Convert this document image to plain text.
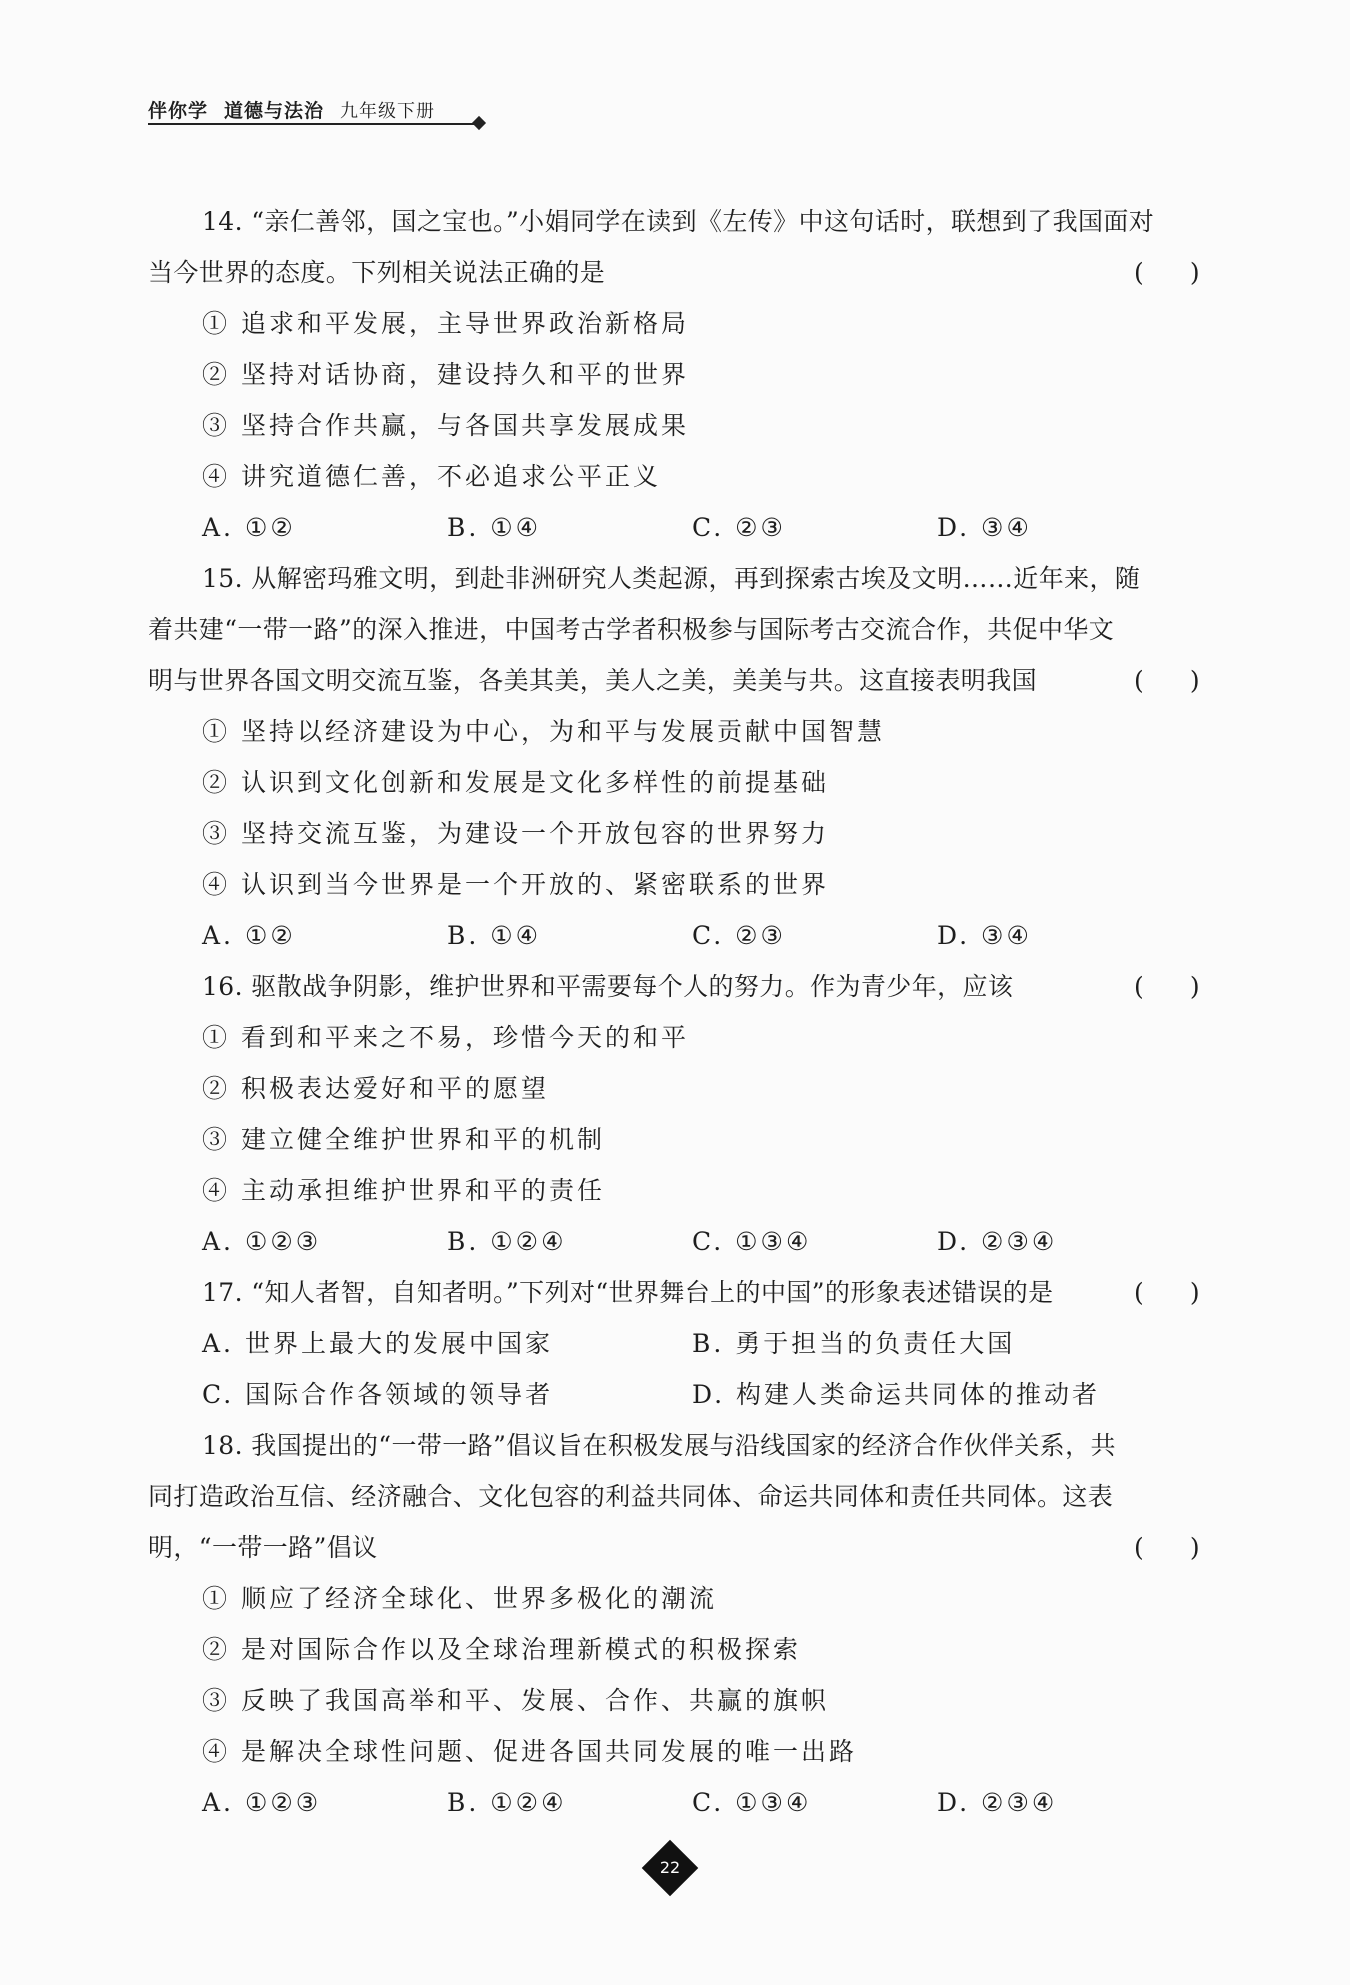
伴你学 道德与法治 九年级下册
14. “亲仁善邻，国之宝也。”小娟同学在读到《左传》中这句话时，联想到了我国面对
当今世界的态度。下列相关说法正确的是	( )
① 追求和平发展，主导世界政治新格局
② 坚持对话协商，建设持久和平的世界
③ 坚持合作共赢，与各国共享发展成果
④ 讲究道德仁善，不必追求公平正义
A. ①②	B. ①④	C. ②③	D. ③④
15. 从解密玛雅文明，到赴非洲研究人类起源，再到探索古埃及文明……近年来，随
着共建“一带一路”的深入推进，中国考古学者积极参与国际考古交流合作，共促中华文
明与世界各国文明交流互鉴，各美其美，美人之美，美美与共。这直接表明我国	( )
① 坚持以经济建设为中心，为和平与发展贡献中国智慧
② 认识到文化创新和发展是文化多样性的前提基础
③ 坚持交流互鉴，为建设一个开放包容的世界努力
④ 认识到当今世界是一个开放的、紧密联系的世界
A. ①②	B. ①④	C. ②③	D. ③④
16. 驱散战争阴影，维护世界和平需要每个人的努力。作为青少年，应该	( )
① 看到和平来之不易，珍惜今天的和平
② 积极表达爱好和平的愿望
③ 建立健全维护世界和平的机制
④ 主动承担维护世界和平的责任
A. ①②③	B. ①②④	C. ①③④	D. ②③④
17. “知人者智，自知者明。”下列对“世界舞台上的中国”的形象表述错误的是	( )
A. 世界上最大的发展中国家	B. 勇于担当的负责任大国
C. 国际合作各领域的领导者	D. 构建人类命运共同体的推动者
18. 我国提出的“一带一路”倡议旨在积极发展与沿线国家的经济合作伙伴关系，共
同打造政治互信、经济融合、文化包容的利益共同体、命运共同体和责任共同体。这表
明，“一带一路”倡议	( )
① 顺应了经济全球化、世界多极化的潮流
② 是对国际合作以及全球治理新模式的积极探索
③ 反映了我国高举和平、发展、合作、共赢的旗帜
④ 是解决全球性问题、促进各国共同发展的唯一出路
A. ①②③	B. ①②④	C. ①③④	D. ②③④
22
